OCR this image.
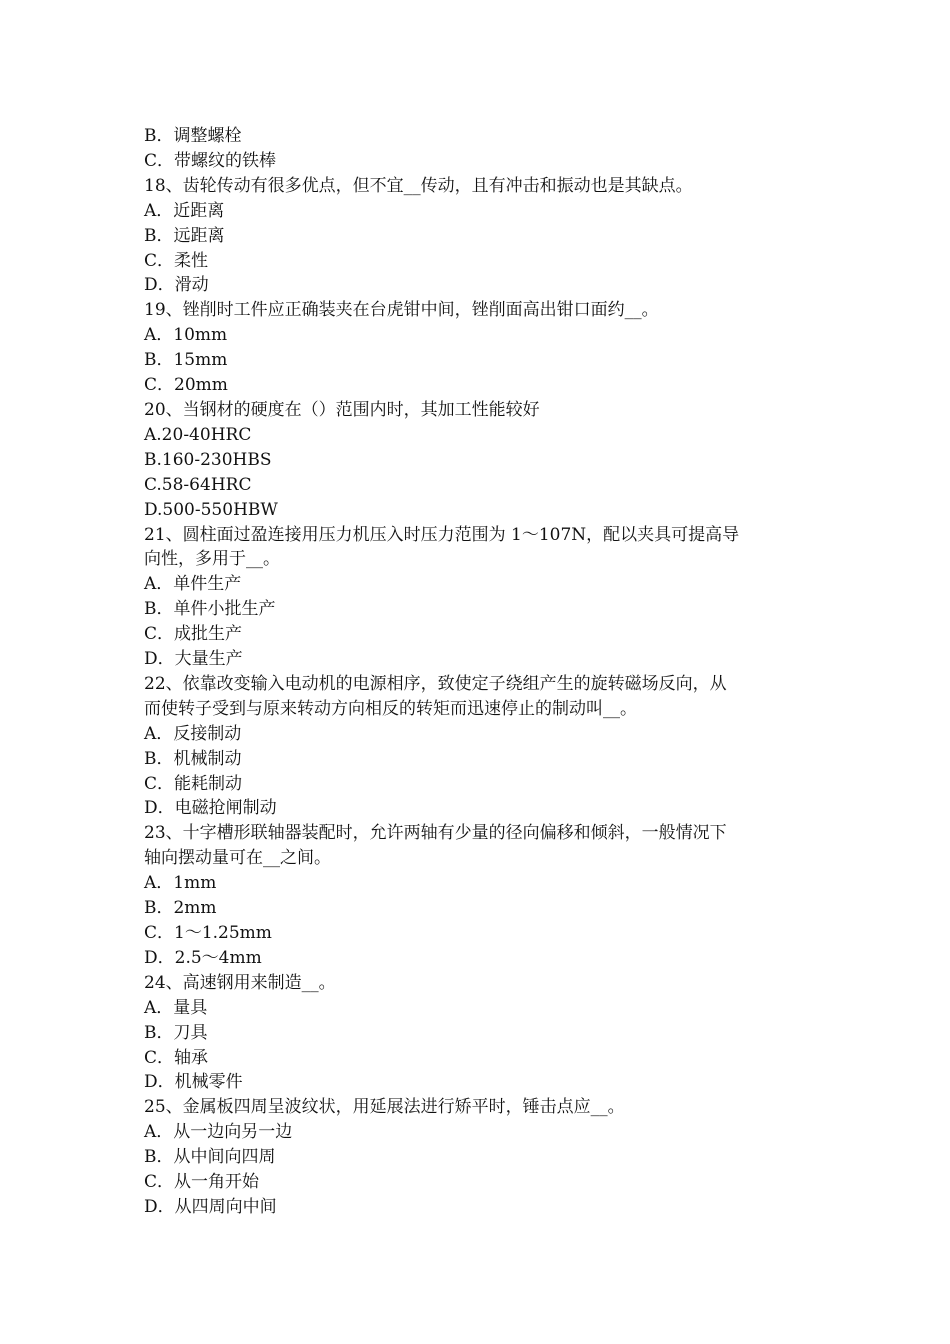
B．调整螺栓

C．带螺纹的铁棒

18、齿轮传动有很多优点，但不宜__传动，且有冲击和振动也是其缺点。

A．近距离

B．远距离

C．柔性

D．滑动

19、锉削时工件应正确装夹在台虎钳中间，锉削面高出钳口面约__。

A．10mm

B．15mm

C．20mm

20、当钢材的硬度在（）范围内时，其加工性能较好

A.20-40HRC

B.160-230HBS

C.58-64HRC

D.500-550HBW

21、圆柱面过盈连接用压力机压入时压力范围为 1～107N，配以夹具可提高导

向性，多用于__。

A．单件生产

B．单件小批生产

C．成批生产

D．大量生产

22、依靠改变输入电动机的电源相序，致使定子绕组产生的旋转磁场反向，从

而使转子受到与原来转动方向相反的转矩而迅速停止的制动叫__。

A．反接制动

B．机械制动

C．能耗制动

D．电磁抢闸制动

23、十字槽形联轴器装配时，允许两轴有少量的径向偏移和倾斜，一般情况下

轴向摆动量可在__之间。

A．1mm

B．2mm

C．1～1.25mm

D．2.5～4mm

24、高速钢用来制造__。

A．量具

B．刀具

C．轴承

D．机械零件

25、金属板四周呈波纹状，用延展法进行矫平时，锤击点应__。

A．从一边向另一边

B．从中间向四周

C．从一角开始

D．从四周向中间
